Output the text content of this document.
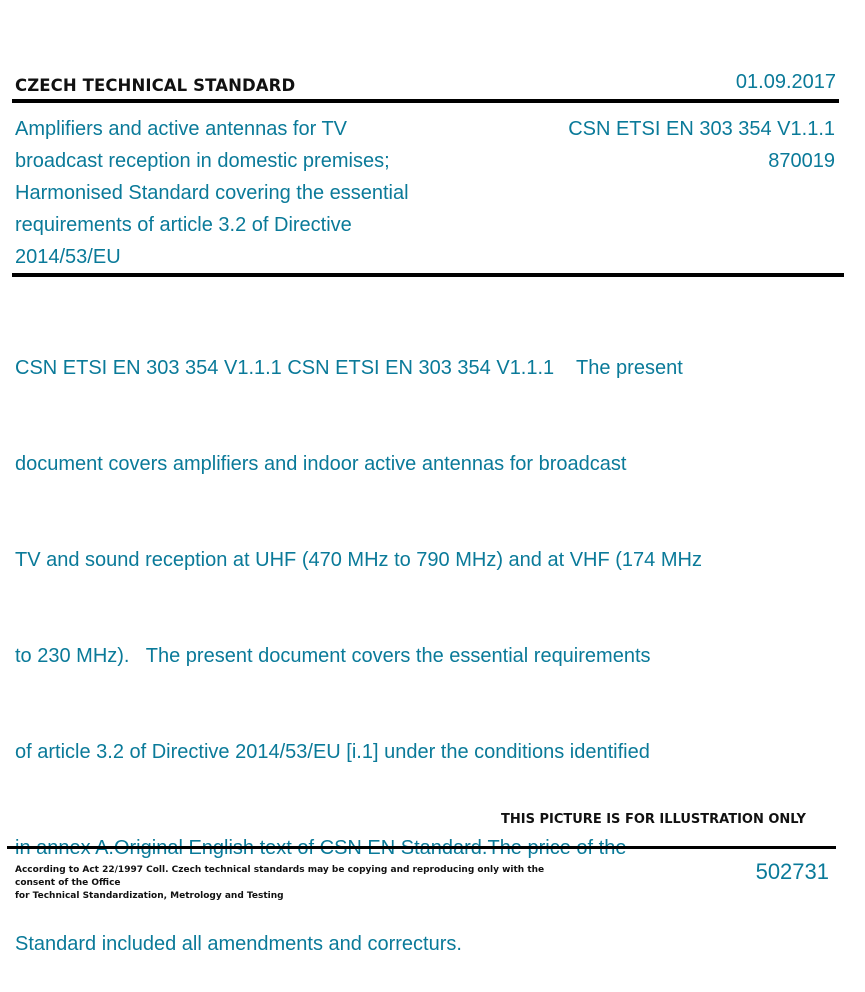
CZECH TECHNICAL STANDARD	01.09.2017
Amplifiers and active antennas for TV
broadcast reception in domestic premises;
Harmonised Standard covering the essential
requirements of article 3.2 of Directive
2014/53/EU
CSN ETSI EN 303 354 V1.1.1
870019

CSN ETSI EN 303 354 V1.1.1 CSN ETSI EN 303 354 V1.1.1    The present

document covers amplifiers and indoor active antennas for broadcast

TV and sound reception at UHF (470 MHz to 790 MHz) and at VHF (174 MHz

to 230 MHz).   The present document covers the essential requirements

of article 3.2 of Directive 2014/53/EU [i.1] under the conditions identified

Standard included all amendments and correcturs.

THIS PICTURE IS FOR ILLUSTRATION ONLY
According to Act 22/1997 Coll. Czech technical standards may be copying and reproducing only with the consent of the Office
for Technical Standardization, Metrology and Testing
502731
